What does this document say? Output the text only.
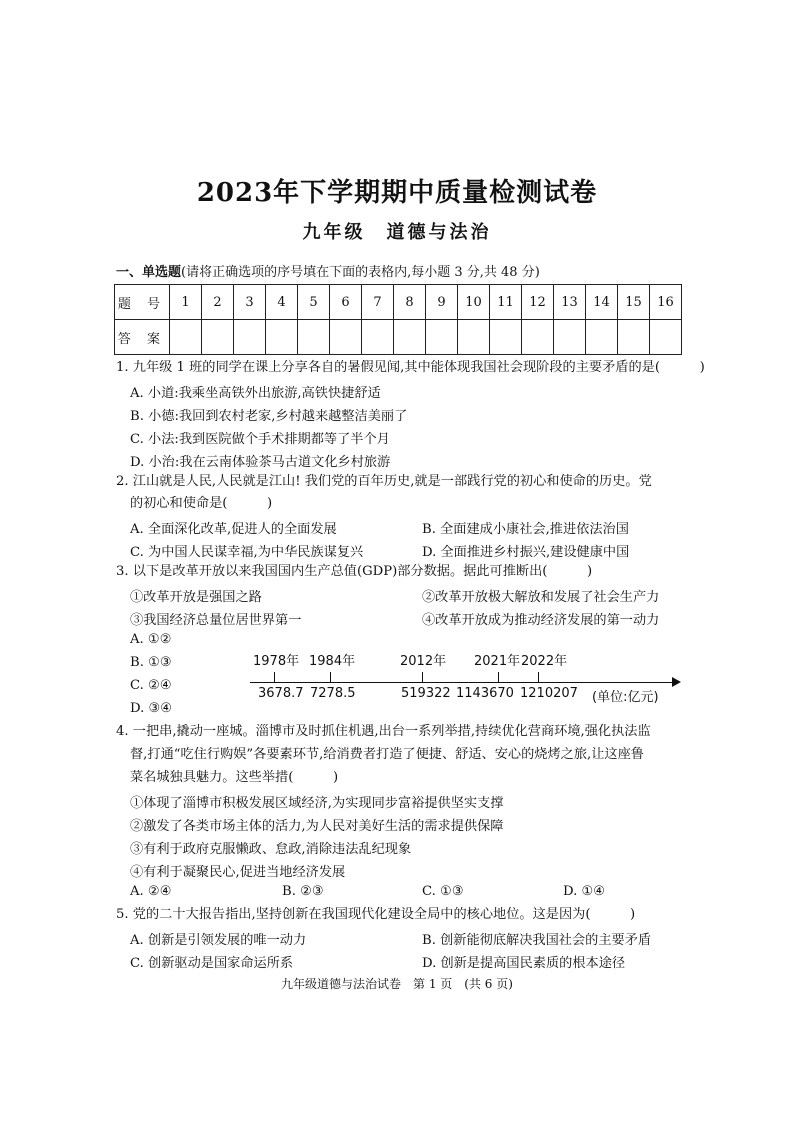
2023年下学期期中质量检测试卷
九年级　道德与法治
一、单选题(请将正确选项的序号填在下面的表格内,每小题 3 分,共 48 分)
题 号	1	2	3	4	5	6	7	8	9	10	11	12	13	14	15	16
答 案																
1. 九年级 1 班的同学在课上分享各自的暑假见闻,其中能体现我国社会现阶段的主要矛盾的是(　　　)
A. 小道:我乘坐高铁外出旅游,高铁快捷舒适
B. 小德:我回到农村老家,乡村越来越整洁美丽了
C. 小法:我到医院做个手术排期都等了半个月
D. 小治:我在云南体验茶马古道文化乡村旅游
2. 江山就是人民,人民就是江山! 我们党的百年历史,就是一部践行党的初心和使命的历史。党
的初心和使命是(　　　)
A. 全面深化改革,促进人的全面发展	B. 全面建成小康社会,推进依法治国
C. 为中国人民谋幸福,为中华民族谋复兴	D. 全面推进乡村振兴,建设健康中国
3. 以下是改革开放以来我国国内生产总值(GDP)部分数据。据此可推断出(　　　)
①改革开放是强国之路	②改革开放极大解放和发展了社会生产力
③我国经济总量位居世界第一	④改革开放成为推动经济发展的第一动力
A. ①②
B. ①③
C. ②④
D. ③④
1978年 1984年	2012年 2021年 2022年
3678.7 7278.5	519322 1143670 1210207 (单位:亿元)
4. 一把串,撬动一座城。淄博市及时抓住机遇,出台一系列举措,持续优化营商环境,强化执法监
督,打通“吃住行购娱”各要素环节,给消费者打造了便捷、舒适、安心的烧烤之旅,让这座鲁
菜名城独具魅力。这些举措(　　　)
①体现了淄博市积极发展区域经济,为实现同步富裕提供坚实支撑
②激发了各类市场主体的活力,为人民对美好生活的需求提供保障
③有利于政府克服懒政、怠政,消除违法乱纪现象
④有利于凝聚民心,促进当地经济发展
A. ②④	B. ②③	C. ①③	D. ①④
5. 党的二十大报告指出,坚持创新在我国现代化建设全局中的核心地位。这是因为(　　　)
A. 创新是引领发展的唯一动力	B. 创新能彻底解决我国社会的主要矛盾
C. 创新驱动是国家命运所系	D. 创新是提高国民素质的根本途径
九年级道德与法治试卷　第 1 页　(共 6 页)
